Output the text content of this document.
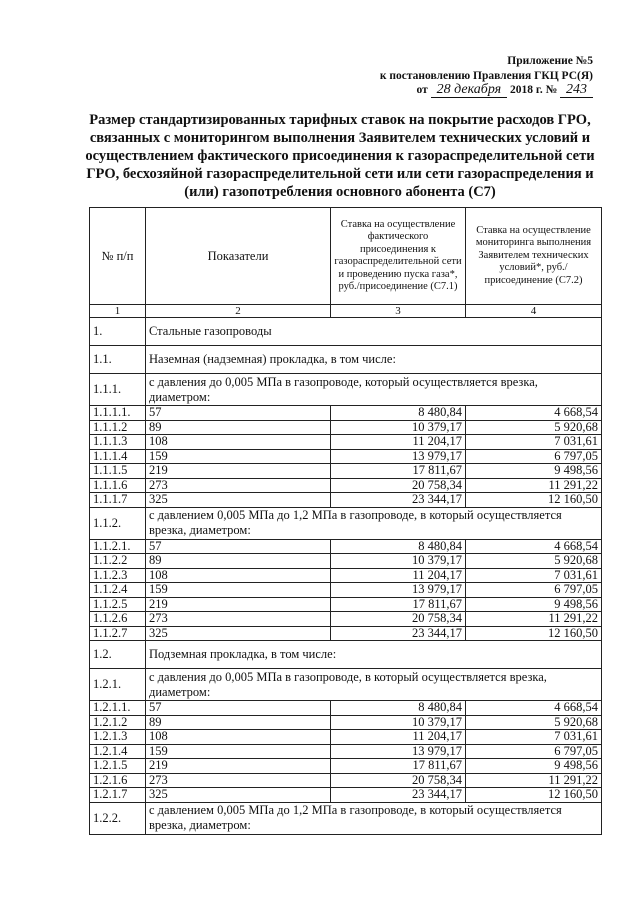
Приложение №5
к постановлению Правления ГКЦ РС(Я)
от 28 декабря 2018 г. № 243
Размер стандартизированных тарифных ставок на покрытие расходов ГРО, связанных с мониторингом выполнения Заявителем технических условий и осуществлением фактического присоединения к газораспределительной сети ГРО, бесхозяйной газораспределительной сети или сети газораспределения и (или) газопотребления основного абонента (С7)
№ п/п	Показатели	Ставка на осуществление фактического присоединения к газораспределительной сети и проведению пуска газа*, руб./присоединение (С7.1)	Ставка на осуществление мониторинга выполнения Заявителем технических условий*, руб./присоединение (С7.2)
1	2	3	4
1.	Стальные газопроводы		
1.1.	Наземная (надземная) прокладка, в том числе:		
1.1.1.	с давления до 0,005 МПа в газопроводе, который осуществляется врезка, диаметром:		
1.1.1.1.	57	8 480,84	4 668,54
1.1.1.2	89	10 379,17	5 920,68
1.1.1.3	108	11 204,17	7 031,61
1.1.1.4	159	13 979,17	6 797,05
1.1.1.5	219	17 811,67	9 498,56
1.1.1.6	273	20 758,34	11 291,22
1.1.1.7	325	23 344,17	12 160,50
1.1.2.	с давлением 0,005 МПа до 1,2 МПа в газопроводе, в который осуществляется врезка, диаметром:		
1.1.2.1.	57	8 480,84	4 668,54
1.1.2.2	89	10 379,17	5 920,68
1.1.2.3	108	11 204,17	7 031,61
1.1.2.4	159	13 979,17	6 797,05
1.1.2.5	219	17 811,67	9 498,56
1.1.2.6	273	20 758,34	11 291,22
1.1.2.7	325	23 344,17	12 160,50
1.2.	Подземная прокладка, в том числе:		
1.2.1.	с давления до 0,005 МПа в газопроводе, в который осуществляется врезка, диаметром:		
1.2.1.1.	57	8 480,84	4 668,54
1.2.1.2	89	10 379,17	5 920,68
1.2.1.3	108	11 204,17	7 031,61
1.2.1.4	159	13 979,17	6 797,05
1.2.1.5	219	17 811,67	9 498,56
1.2.1.6	273	20 758,34	11 291,22
1.2.1.7	325	23 344,17	12 160,50
1.2.2.	с давлением 0,005 МПа до 1,2 МПа в газопроводе, в который осуществляется врезка, диаметром:		
